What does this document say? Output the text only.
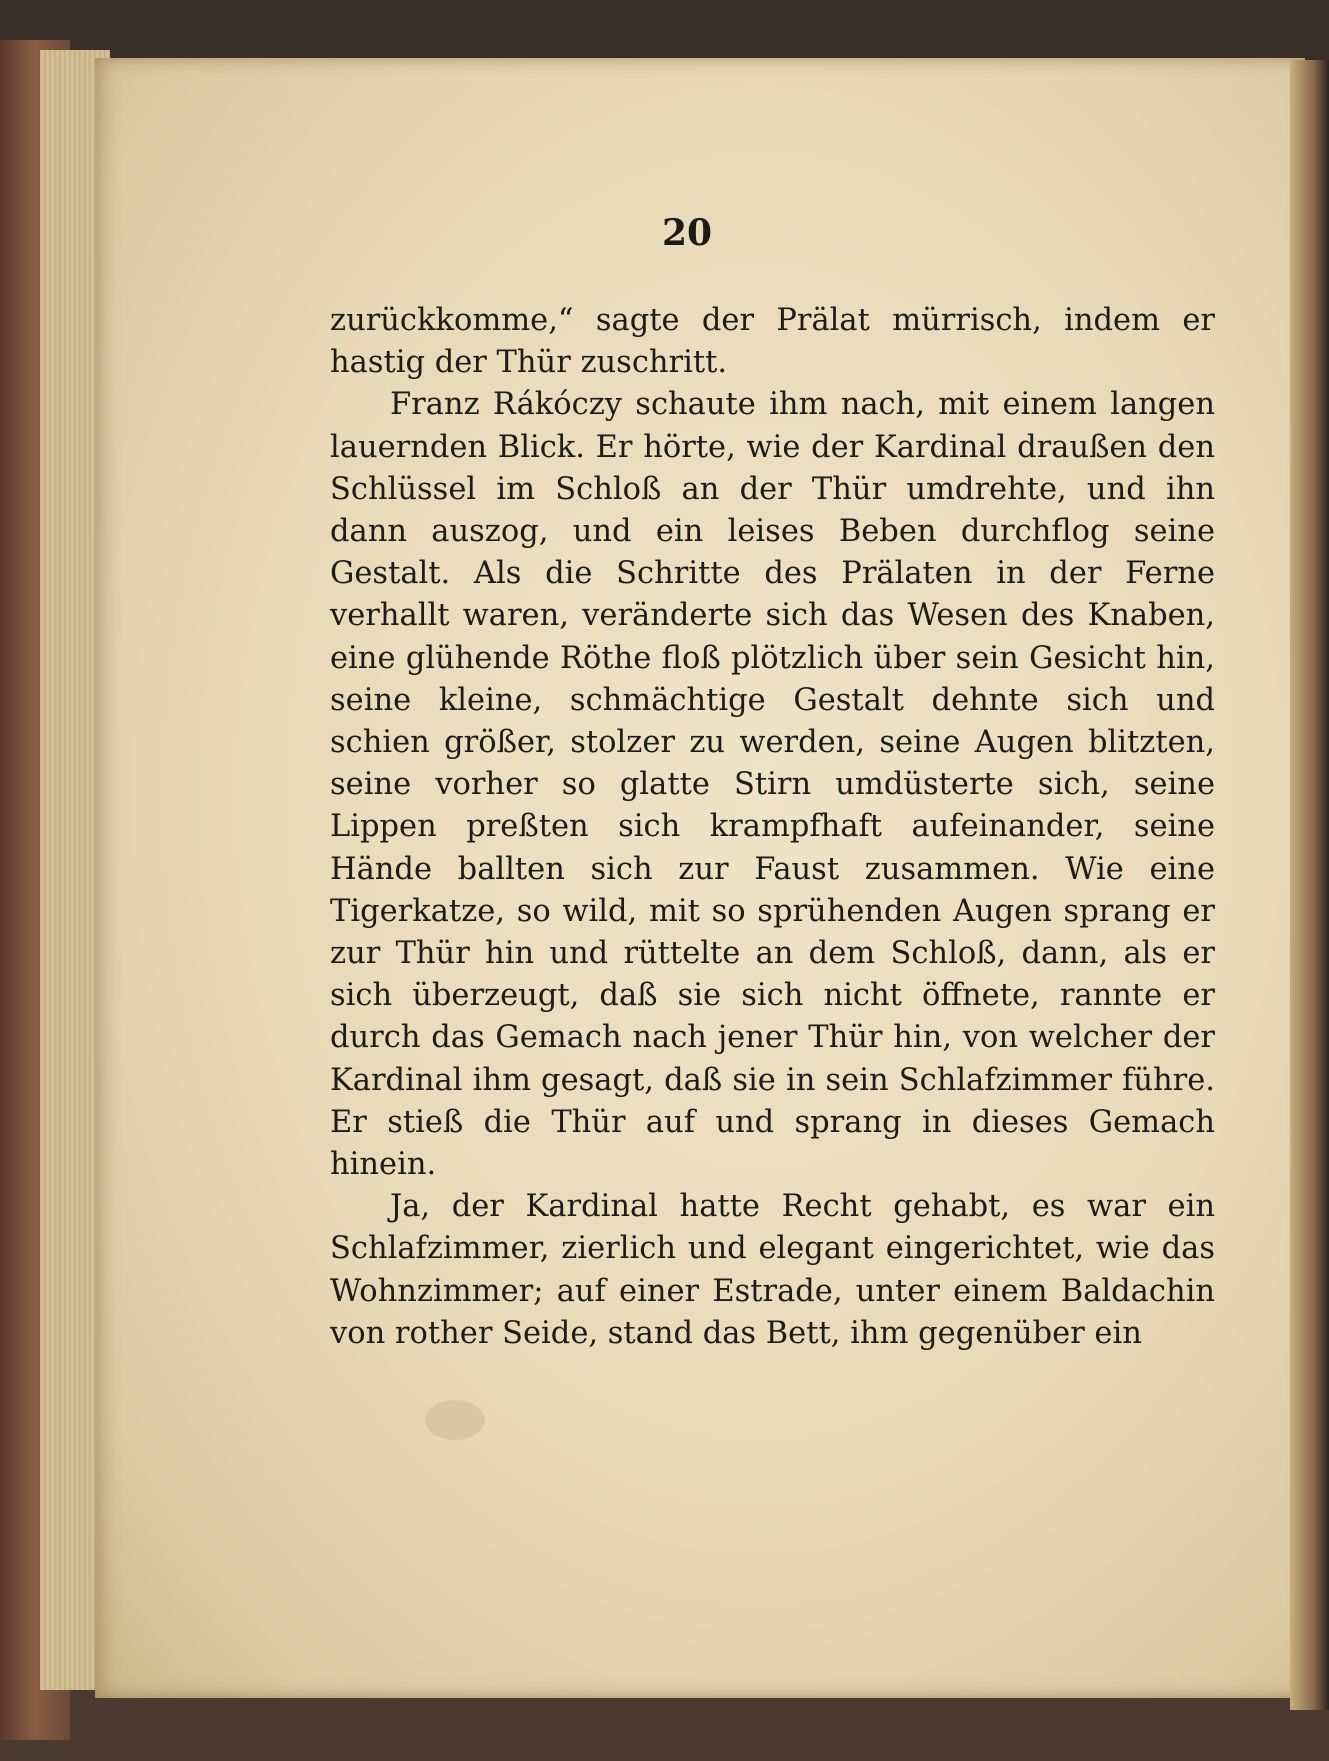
20

zurückkomme,“ sagte der Prälat mürrisch, indem er hastig der Thür zuschritt.

Franz Rákóczy schaute ihm nach, mit einem langen lauernden Blick. Er hörte, wie der Kardinal draußen den Schlüssel im Schloß an der Thür umdrehte, und ihn dann auszog, und ein leises Beben durchflog seine Gestalt. Als die Schritte des Prälaten in der Ferne verhallt waren, veränderte sich das Wesen des Knaben, eine glühende Röthe floß plötzlich über sein Gesicht hin, seine kleine, schmächtige Gestalt dehnte sich und schien größer, stolzer zu werden, seine Augen blitzten, seine vorher so glatte Stirn umdüsterte sich, seine Lippen preßten sich krampfhaft aufeinander, seine Hände ballten sich zur Faust zusammen. Wie eine Tigerkatze, so wild, mit so sprühenden Augen sprang er zur Thür hin und rüttelte an dem Schloß, dann, als er sich überzeugt, daß sie sich nicht öffnete, rannte er durch das Gemach nach jener Thür hin, von welcher der Kardinal ihm gesagt, daß sie in sein Schlafzimmer führe. Er stieß die Thür auf und sprang in dieses Gemach hinein.

Ja, der Kardinal hatte Recht gehabt, es war ein Schlafzimmer, zierlich und elegant eingerichtet, wie das Wohnzimmer; auf einer Estrade, unter einem Baldachin von rother Seide, stand das Bett, ihm gegenüber ein
